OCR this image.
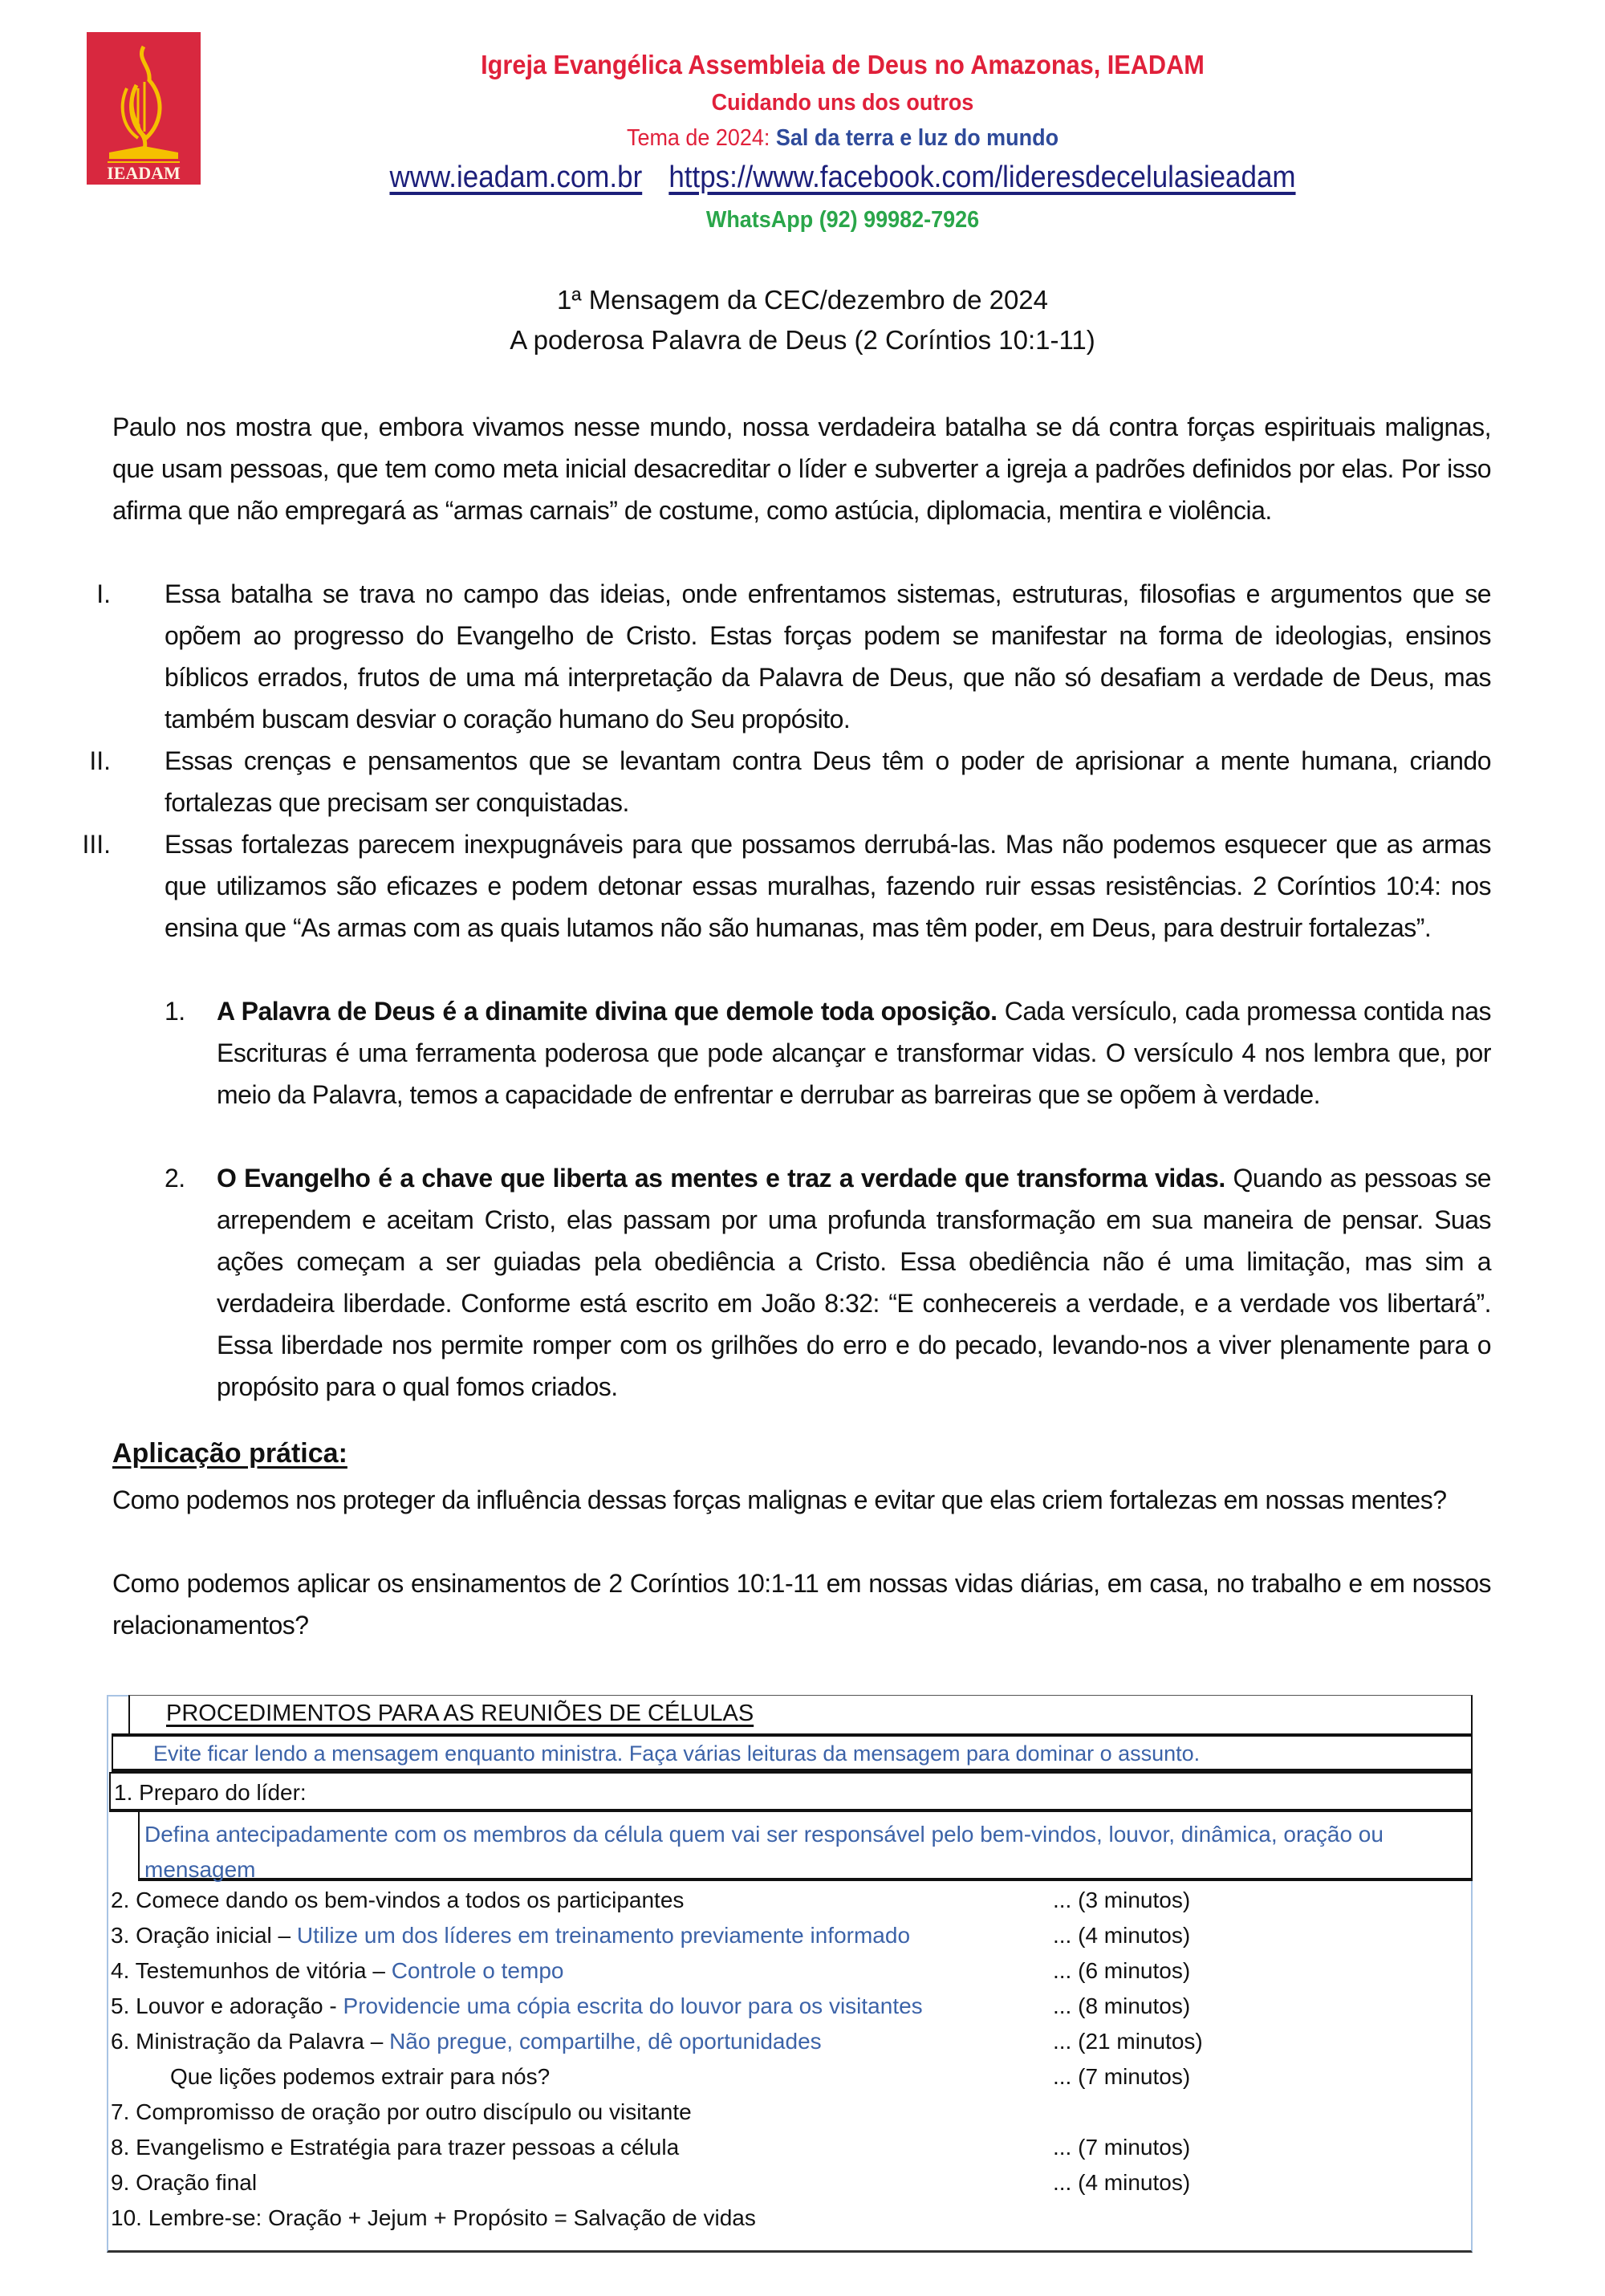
IEADAM
Igreja Evangélica Assembleia de Deus no Amazonas, IEADAM
Cuidando uns dos outros
Tema de 2024: Sal da terra e luz do mundo
www.ieadam.com.br https://www.facebook.com/lideresdecelulasieadam
WhatsApp (92) 99982-7926
1ª Mensagem da CEC/dezembro de 2024
A poderosa Palavra de Deus (2 Coríntios 10:1-11)
Paulo nos mostra que, embora vivamos nesse mundo, nossa verdadeira batalha se dá contra forças espirituais malignas, que usam pessoas, que tem como meta inicial desacreditar o líder e subverter a igreja a padrões definidos por elas. Por isso afirma que não empregará as “armas carnais” de costume, como astúcia, diplomacia, mentira e violência.
I. Essa batalha se trava no campo das ideias, onde enfrentamos sistemas, estruturas, filosofias e argumentos que se opõem ao progresso do Evangelho de Cristo. Estas forças podem se manifestar na forma de ideologias, ensinos bíblicos errados, frutos de uma má interpretação da Palavra de Deus, que não só desafiam a verdade de Deus, mas também buscam desviar o coração humano do Seu propósito.
II. Essas crenças e pensamentos que se levantam contra Deus têm o poder de aprisionar a mente humana, criando fortalezas que precisam ser conquistadas.
III. Essas fortalezas parecem inexpugnáveis para que possamos derrubá-las. Mas não podemos esquecer que as armas que utilizamos são eficazes e podem detonar essas muralhas, fazendo ruir essas resistências. 2 Coríntios 10:4: nos ensina que “As armas com as quais lutamos não são humanas, mas têm poder, em Deus, para destruir fortalezas”.
1.	A Palavra de Deus é a dinamite divina que demole toda oposição. Cada versículo, cada promessa contida nas Escrituras é uma ferramenta poderosa que pode alcançar e transformar vidas. O versículo 4 nos lembra que, por meio da Palavra, temos a capacidade de enfrentar e derrubar as barreiras que se opõem à verdade.
2.	O Evangelho é a chave que liberta as mentes e traz a verdade que transforma vidas. Quando as pessoas se arrependem e aceitam Cristo, elas passam por uma profunda transformação em sua maneira de pensar. Suas ações começam a ser guiadas pela obediência a Cristo. Essa obediência não é uma limitação, mas sim a verdadeira liberdade. Conforme está escrito em João 8:32: “E conhecereis a verdade, e a verdade vos libertará”. Essa liberdade nos permite romper com os grilhões do erro e do pecado, levando-nos a viver plenamente para o propósito para o qual fomos criados.
Aplicação prática:
Como podemos nos proteger da influência dessas forças malignas e evitar que elas criem fortalezas em nossas mentes?
Como podemos aplicar os ensinamentos de 2 Coríntios 10:1-11 em nossas vidas diárias, em casa, no trabalho e em nossos relacionamentos?
PROCEDIMENTOS PARA AS REUNIÕES DE CÉLULAS
Evite ficar lendo a mensagem enquanto ministra. Faça várias leituras da mensagem para dominar o assunto.
1. Preparo do líder:
Defina antecipadamente com os membros da célula quem vai ser responsável pelo bem-vindos, louvor, dinâmica, oração ou mensagem
2. Comece dando os bem-vindos a todos os participantes	... (3 minutos)
3. Oração inicial – Utilize um dos líderes em treinamento previamente informado	... (4 minutos)
4. Testemunhos de vitória – Controle o tempo	... (6 minutos)
5. Louvor e adoração - Providencie uma cópia escrita do louvor para os visitantes	... (8 minutos)
6. Ministração da Palavra – Não pregue, compartilhe, dê oportunidades	... (21 minutos)
Que lições podemos extrair para nós?	... (7 minutos)
7. Compromisso de oração por outro discípulo ou visitante
8. Evangelismo e Estratégia para trazer pessoas a célula	... (7 minutos)
9. Oração final	... (4 minutos)
10. Lembre-se: Oração + Jejum + Propósito = Salvação de vidas
